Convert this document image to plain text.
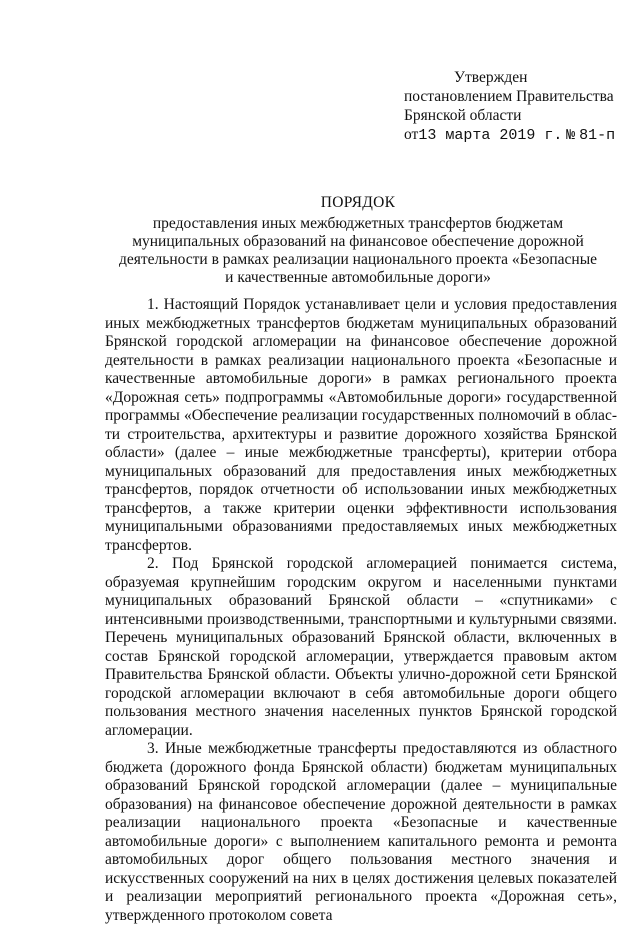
Утвержден
постановлением Правительства
Брянской области
от13 марта 2019 г. № 81-п
ПОРЯДОК
предоставления иных межбюджетных трансфертов бюджетам
муниципальных образований на финансовое обеспечение дорожной
деятельности в рамках реализации национального проекта «Безопасные
и качественные автомобильные дороги»

1. Настоящий Порядок устанавливает цели и условия предоставления иных межбюджетных трансфертов бюджетам муниципальных образований Брянской городской агломерации на финансовое обеспечение дорожной деятельности в рамках реализации национального проекта «Безопасные и качественные автомобильные дороги» в рамках регионального проекта «Дорожная сеть» подпрограммы «Автомобильные дороги» государственной программы «Обеспечение реализации государственных полномочий в области строительства, архитектуры и развитие дорожного хозяйства Брянской области» (далее – иные межбюджетные трансферты), критерии отбора муниципальных образований для предоставления иных межбюджетных трансфертов, порядок отчетности об использовании иных межбюджетных трансфертов, а также критерии оценки эффективности использования муниципальными образованиями предоставляемых иных межбюджетных трансфертов.

2. Под Брянской городской агломерацией понимается система, образуемая крупнейшим городским округом и населенными пунктами муниципальных образований Брянской области – «спутниками» с интенсивными производственными, транспортными и культурными связями. Перечень муниципальных образований Брянской области, включенных в состав Брянской городской агломерации, утверждается правовым актом Правительства Брянской области. Объекты улично-дорожной сети Брянской городской агломерации включают в себя автомобильные дороги общего пользования местного значения населенных пунктов Брянской городской агломерации.

3. Иные межбюджетные трансферты предоставляются из областного бюджета (дорожного фонда Брянской области) бюджетам муниципальных образований Брянской городской агломерации (далее – муниципальные образования) на финансовое обеспечение дорожной деятельности в рамках реализации национального проекта «Безопасные и качественные автомобильные дороги» с выполнением капитального ремонта и ремонта автомобильных дорог общего пользования местного значения и искусственных сооружений на них в целях достижения целевых показателей и реализации мероприятий регионального проекта «Дорожная сеть», утвержденного протоколом совета
